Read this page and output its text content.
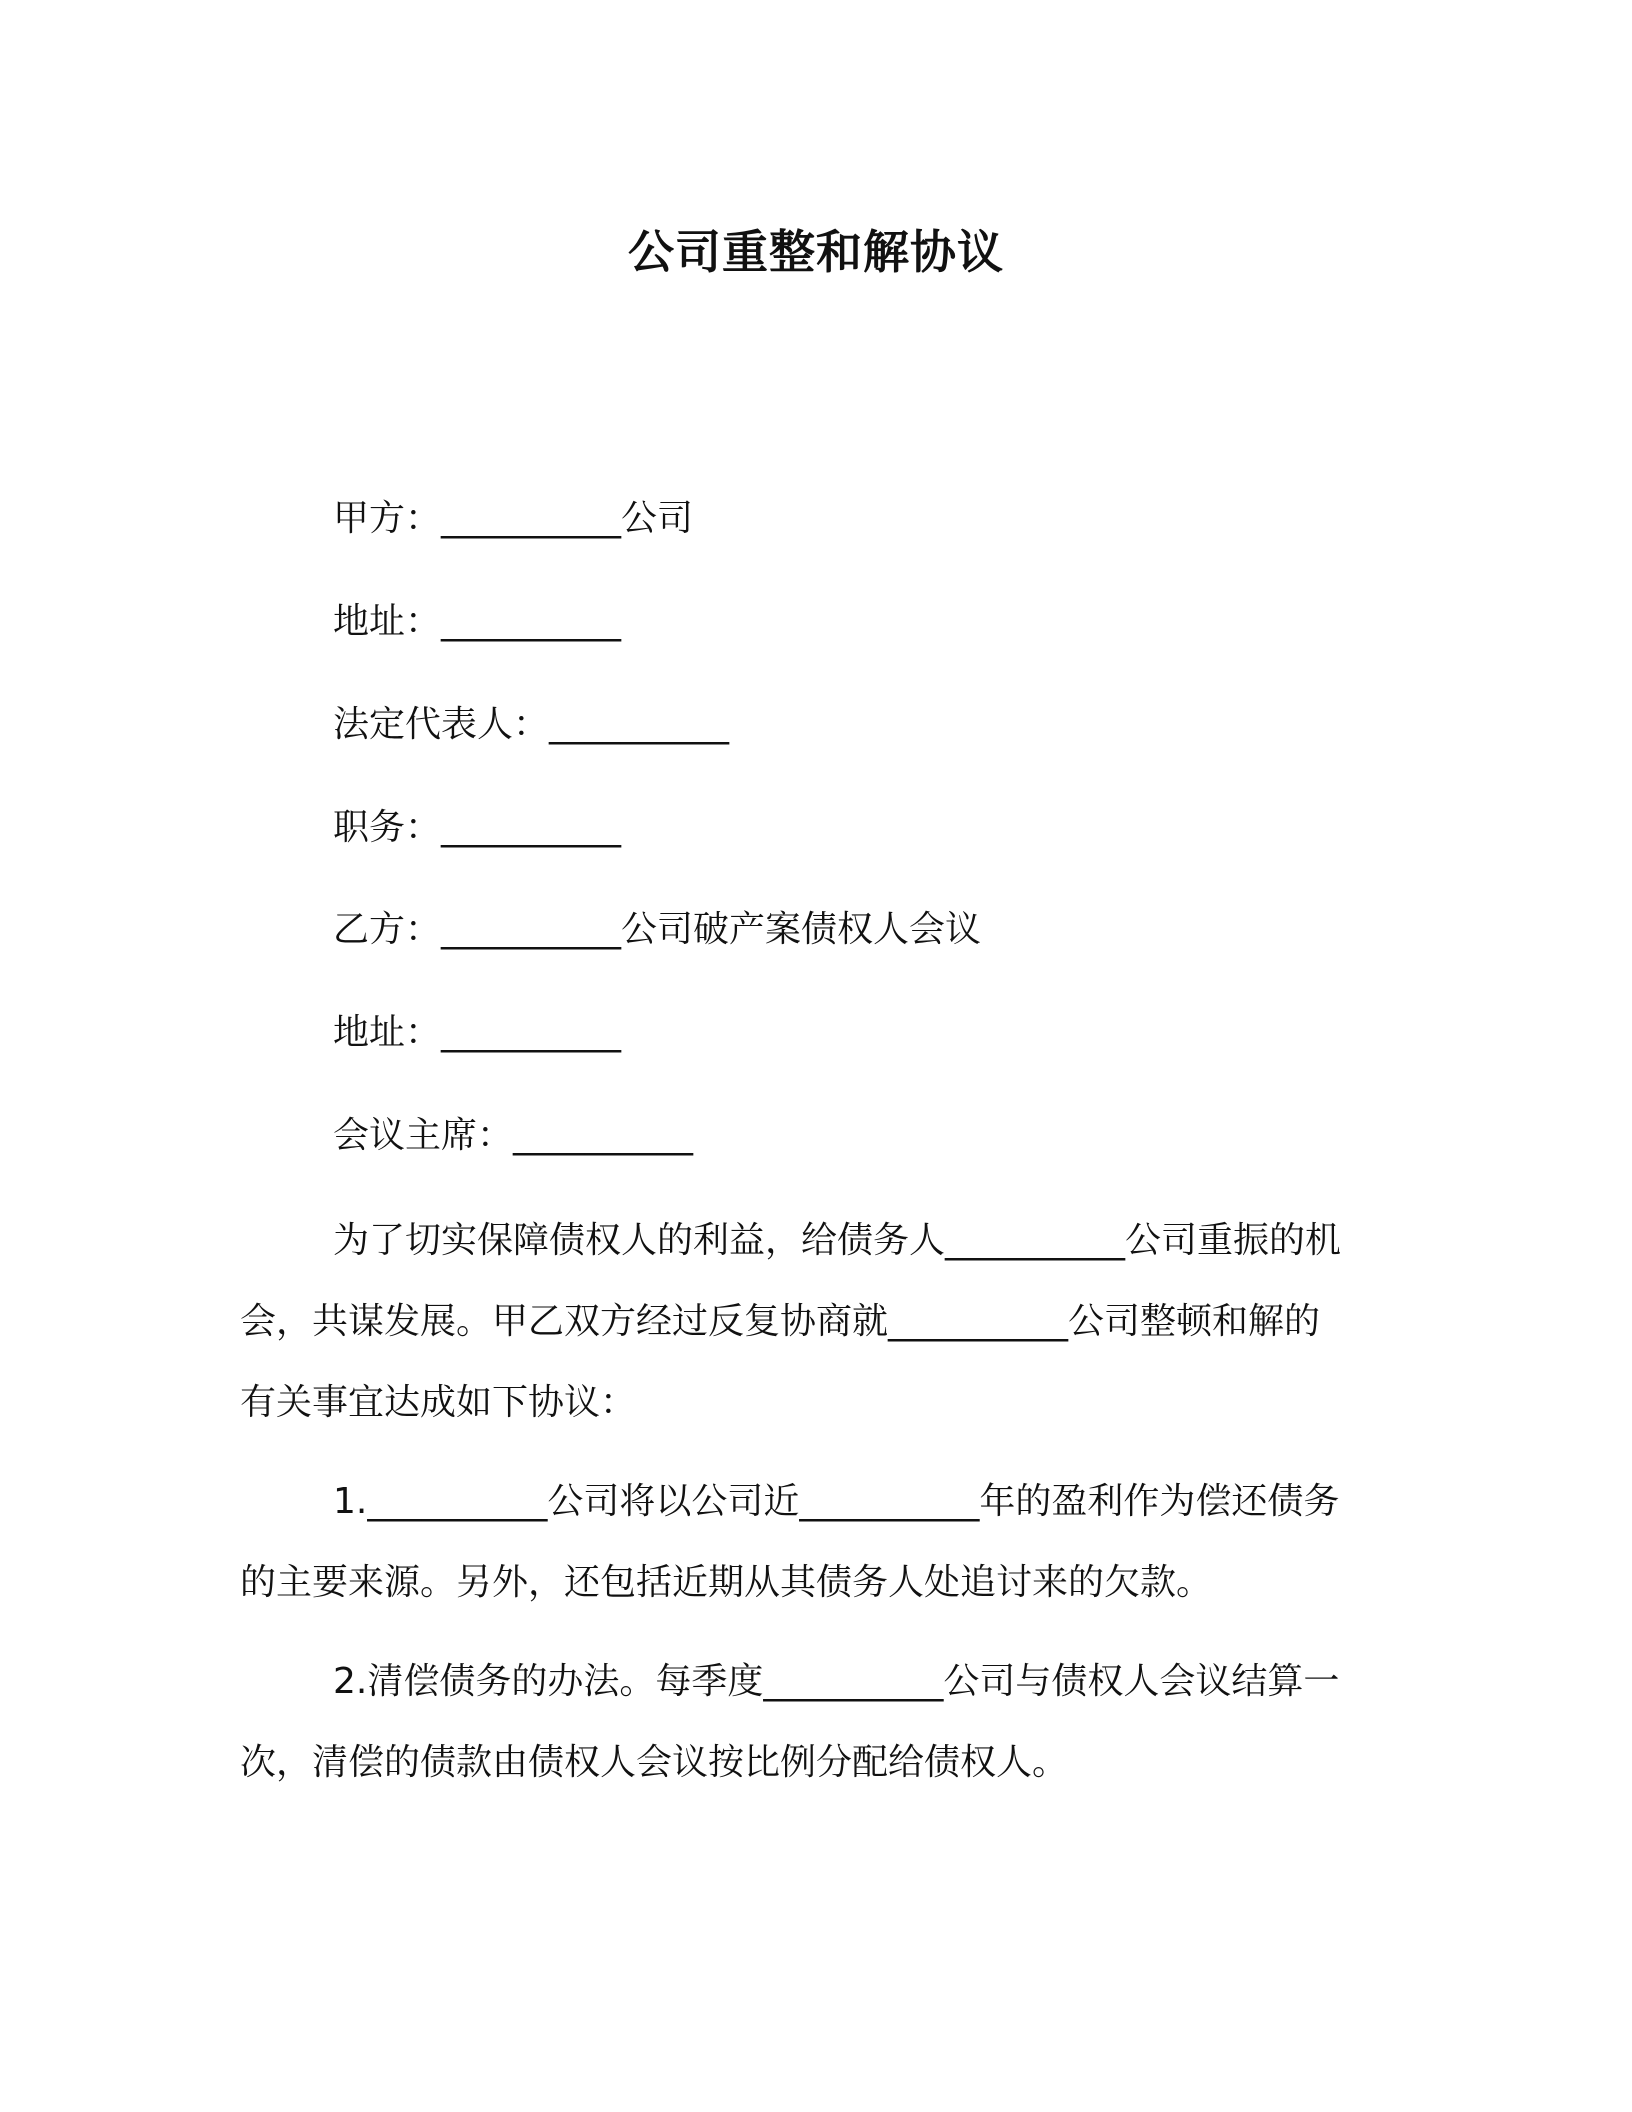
公司重整和解协议
甲方：__________公司
地址：__________
法定代表人：__________
职务：__________
乙方：__________公司破产案债权人会议
地址：__________
会议主席：__________
为了切实保障债权人的利益，给债务人__________公司重振的机
会，共谋发展。甲乙双方经过反复协商就__________公司整顿和解的
有关事宜达成如下协议：
1.__________公司将以公司近__________年的盈利作为偿还债务
的主要来源。另外，还包括近期从其债务人处追讨来的欠款。
2.清偿债务的办法。每季度__________公司与债权人会议结算一
次，清偿的债款由债权人会议按比例分配给债权人。
